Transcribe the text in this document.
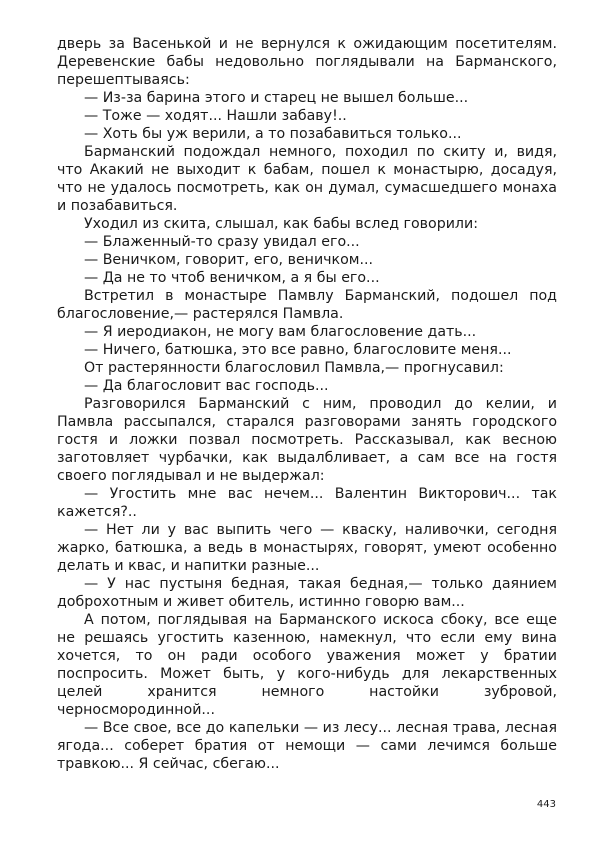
дверь за Васенькой и не вернулся к ожидающим посетителям. Деревенские бабы недовольно поглядывали на Барманского, перешептываясь:

— Из-за барина этого и старец не вышел больше...

— Тоже — ходят... Нашли забаву!..

— Хоть бы уж верили, а то позабавиться только...

Барманский подождал немного, походил по скиту и, видя, что Акакий не выходит к бабам, пошел к монастырю, досадуя, что не удалось посмотреть, как он думал, сумасшедшего монаха и позабавиться.

Уходил из скита, слышал, как бабы вслед говорили:

— Блаженный-то сразу увидал его...

— Веничком, говорит, его, веничком...

— Да не то чтоб веничком, а я бы его...

Встретил в монастыре Памвлу Барманский, подошел под благословение,— растерялся Памвла.

— Я иеродиакон, не могу вам благословение дать...

— Ничего, батюшка, это все равно, благословите меня...

От растерянности благословил Памвла,— прогнусавил:

— Да благословит вас господь...

Разговорился Барманский с ним, проводил до келии, и Памвла рассыпался, старался разговорами занять городского гостя и ложки позвал посмотреть. Рассказывал, как весною заготовляет чурбачки, как выдалбливает, а сам все на гостя своего поглядывал и не выдержал:

— Угостить мне вас нечем... Валентин Викторович... так кажется?..

— Нет ли у вас выпить чего — кваску, наливочки, сегодня жарко, батюшка, а ведь в монастырях, говорят, умеют особенно делать и квас, и напитки разные...

— У нас пустыня бедная, такая бедная,— только даянием доброхотным и живет обитель, истинно говорю вам...

А потом, поглядывая на Барманского искоса сбоку, все еще не решаясь угостить казенною, намекнул, что если ему вина хочется, то он ради особого уважения может у братии поспросить. Может быть, у кого-нибудь для лекарственных целей хранится немного настойки зубровой, черносмородинной...

— Все свое, все до капельки — из лесу... лесная трава, лесная ягода... соберет братия от немощи — сами лечимся больше травкою... Я сейчас, сбегаю...

443
